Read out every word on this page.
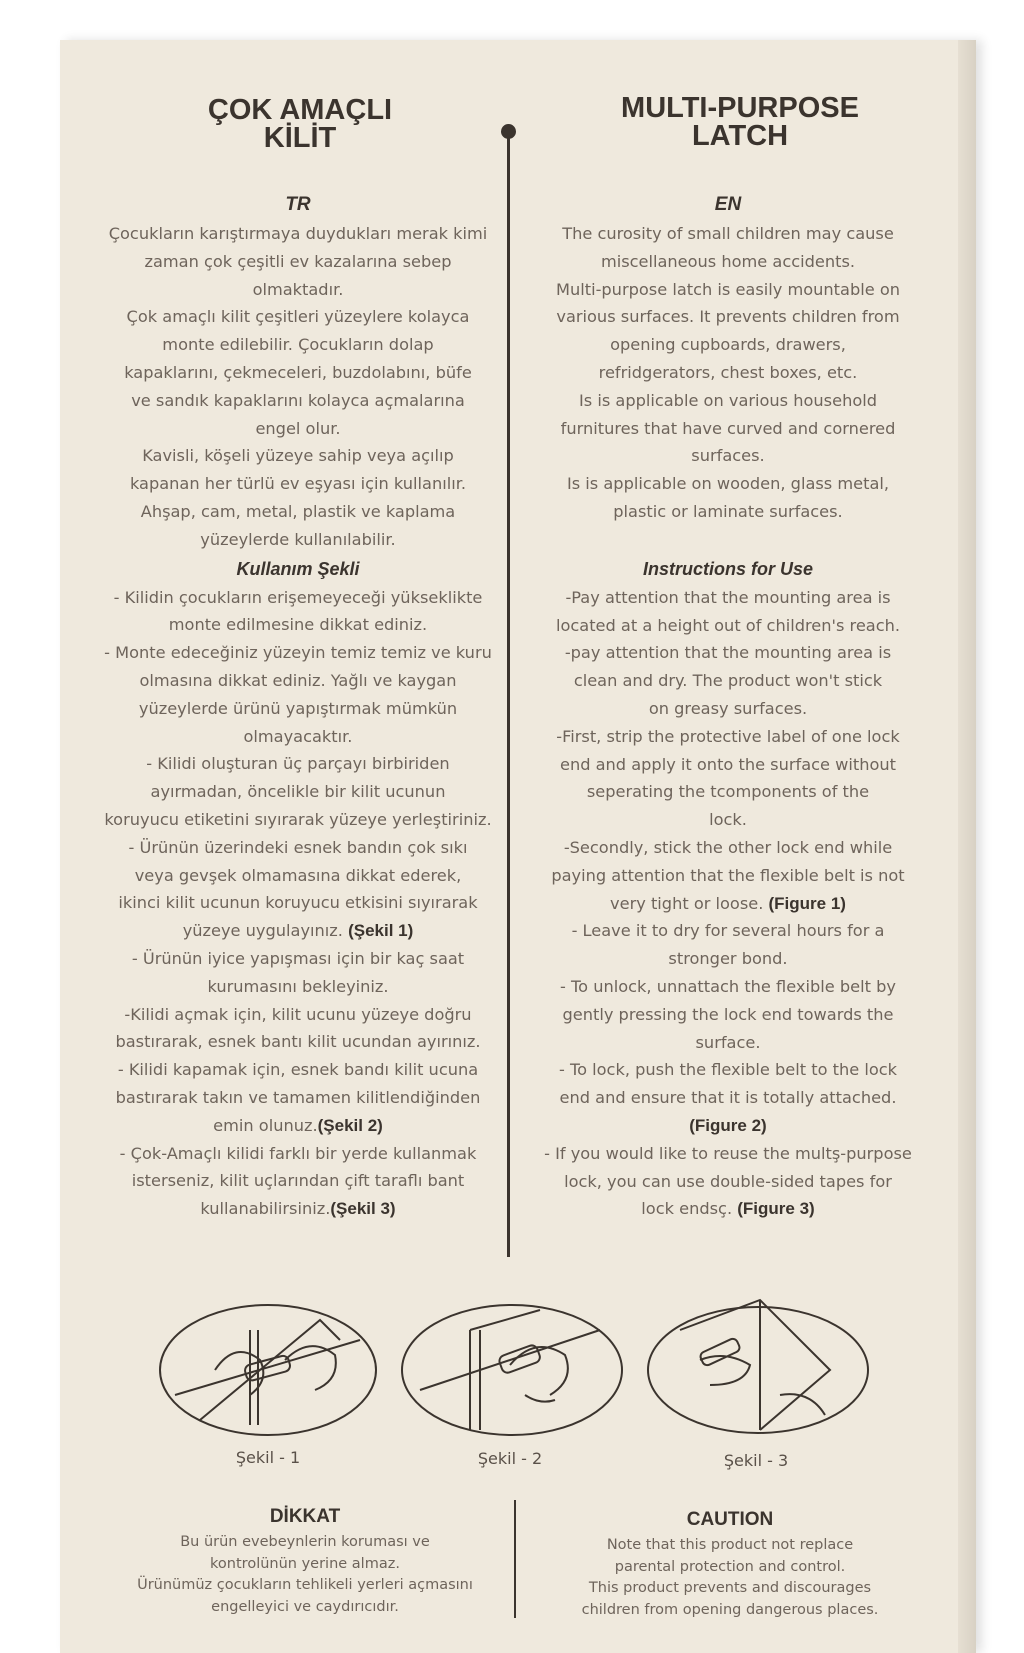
ÇOK AMAÇLI
KİLİT
MULTI-PURPOSE
LATCH

TR

Çocukların karıştırmaya duydukları merak kimi

zaman çok çeşitli ev kazalarına sebep

olmaktadır.

Çok amaçlı kilit çeşitleri yüzeylere kolayca

monte edilebilir. Çocukların dolap

kapaklarını, çekmeceleri, buzdolabını, büfe

ve sandık kapaklarını kolayca açmalarına

engel olur.

Kavisli, köşeli yüzeye sahip veya açılıp

kapanan her türlü ev eşyası için kullanılır.

Ahşap, cam, metal, plastik ve kaplama

yüzeylerde kullanılabilir.

Kullanım Şekli

- Kilidin çocukların erişemeyeceği yükseklikte

monte edilmesine dikkat ediniz.

- Monte edeceğiniz yüzeyin temiz temiz ve kuru

olmasına dikkat ediniz. Yağlı ve kaygan

yüzeylerde ürünü yapıştırmak mümkün

olmayacaktır.

- Kilidi oluşturan üç parçayı birbiriden

ayırmadan, öncelikle bir kilit ucunun

koruyucu etiketini sıyırarak yüzeye yerleştiriniz.

- Ürünün üzerindeki esnek bandın çok sıkı

veya gevşek olmamasına dikkat ederek,

ikinci kilit ucunun koruyucu etkisini sıyırarak

yüzeye uygulayınız. (Şekil 1)

- Ürünün iyice yapışması için bir kaç saat

kurumasını bekleyiniz.

-Kilidi açmak için, kilit ucunu yüzeye doğru

bastırarak, esnek bantı kilit ucundan ayırınız.

- Kilidi kapamak için, esnek bandı kilit ucuna

bastırarak takın ve tamamen kilitlendiğinden

emin olunuz.(Şekil 2)

- Çok-Amaçlı kilidi farklı bir yerde kullanmak

isterseniz, kilit uçlarından çift taraflı bant

kullanabilirsiniz.(Şekil 3)

EN

The curosity of small children may cause

miscellaneous home accidents.

Multi-purpose latch is easily mountable on

various surfaces. It prevents children from

opening cupboards, drawers,

refridgerators, chest boxes, etc.

Is is applicable on various household

furnitures that have curved and cornered

surfaces.

Is is applicable on wooden, glass metal,

plastic or laminate surfaces.

Instructions for Use

-Pay attention that the mounting area is

located at a height out of children's reach.

-pay attention that the mounting area is

clean and dry. The product won't stick

on greasy surfaces.

-First, strip the protective label of one lock

end and apply it onto the surface without

seperating the tcomponents of the

lock.

-Secondly, stick the other lock end while

paying attention that the flexible belt is not

very tight or loose. (Figure 1)

- Leave it to dry for several hours for a

stronger bond.

- To unlock, unnattach the flexible belt by

gently pressing the lock end towards the

surface.

- To lock, push the flexible belt to the lock

end and ensure that it is totally attached.

(Figure 2)

- If you would like to reuse the multş-purpose

lock, you can use double-sided tapes for

lock endsç. (Figure 3)

Şekil - 1	Şekil - 2	Şekil - 3
DİKKAT

Bu ürün evebeynlerin koruması ve

kontrolünün yerine almaz.

Ürünümüz çocukların tehlikeli yerleri açmasını

engelleyici ve caydırıcıdır.

CAUTION

Note that this product not replace

parental protection and control.

This product prevents and discourages

children from opening dangerous places.
